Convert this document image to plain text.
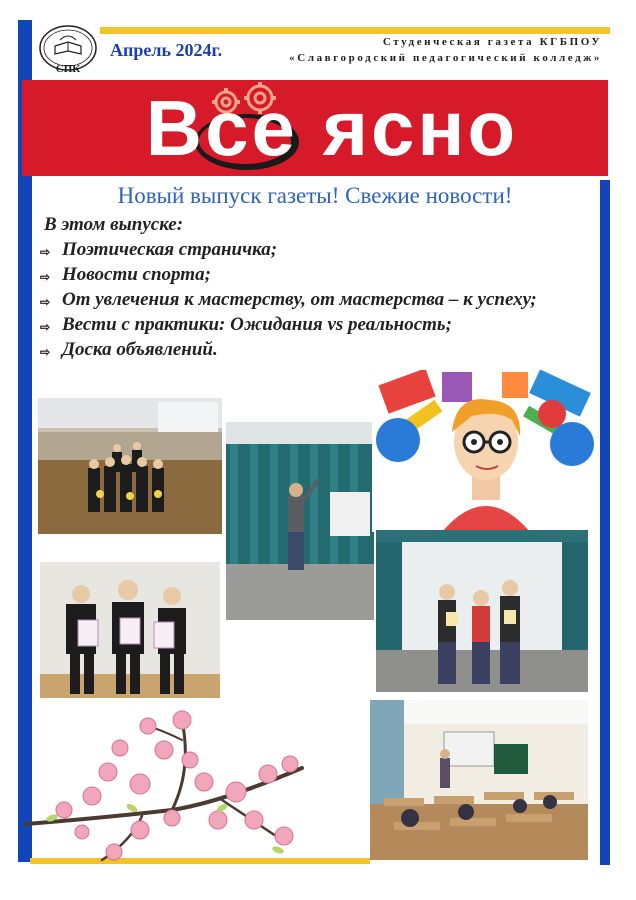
СПК
Апрель 2024г.	Студенческая газета КГБПОУ
«Славгородский педагогический колледж»
Все ясно
Новый выпуск газеты! Свежие новости!
В этом выпуске:
⇨ Поэтическая страничка;
⇨ Новости спорта;
⇨ От увлечения к мастерству, от мастерства – к успеху;
⇨ Вести с практики: Ожидания vs реальность;
⇨ Доска объявлений.
